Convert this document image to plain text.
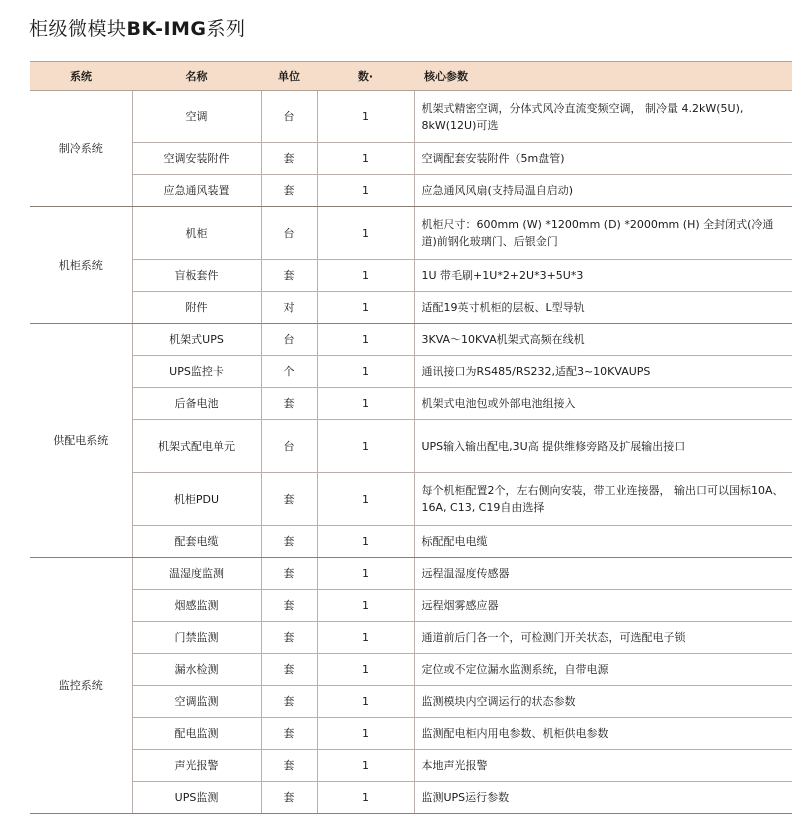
柜级微模块BK-IMG系列
系统	名称	单位	数·	核心参数
制冷系统	空调	台	1	机架式精密空调，分体式风冷直流变频空调， 制冷量 4.2kW(5U), 8kW(12U)可选
	空调安装附件	套	1	空调配套安装附件（5m盘管)
	应急通风装置	套	1	应急通风风扇(支持局温自启动)
机柜系统	机柜	台	1	机柜尺寸：600mm (W) *1200mm (D) *2000mm (H) 全封闭式(冷通道)前钢化玻璃门、后银金门
	盲板套件	套	1	1U 带毛刷+1U*2+2U*3+5U*3
	附件	对	1	适配19英寸机柜的层板、L型导轨
供配电系统	机架式UPS	台	1	3KVA～10KVA机架式高频在线机
	UPS监控卡	个	1	通讯接口为RS485/RS232,适配3~10KVAUPS
	后备电池	套	1	机架式电池包或外部电池组接入
	机架式配电单元	台	1	UPS输入输出配电,3U高 提供维修旁路及扩展输出接口
	机柜PDU	套	1	每个机柜配置2个，左右侧向安装，带工业连接器， 输出口可以国标10A、16A, C13, C19自由选择
	配套电缆	套	1	标配配电电缆
监控系统	温湿度监测	套	1	远程温湿度传感器
	烟感监测	套	1	远程烟雾感应器
	门禁监测	套	1	通道前后门各一个，可检测门开关状态，可选配电子锁
	漏水检测	套	1	定位或不定位漏水监测系统，自带电源
	空调监测	套	1	监测模块内空调运行的状态参数
	配电监测	套	1	监测配电柜内用电参数、机柜供电参数
	声光报警	套	1	本地声光报警
	UPS监测	套	1	监测UPS运行参数
